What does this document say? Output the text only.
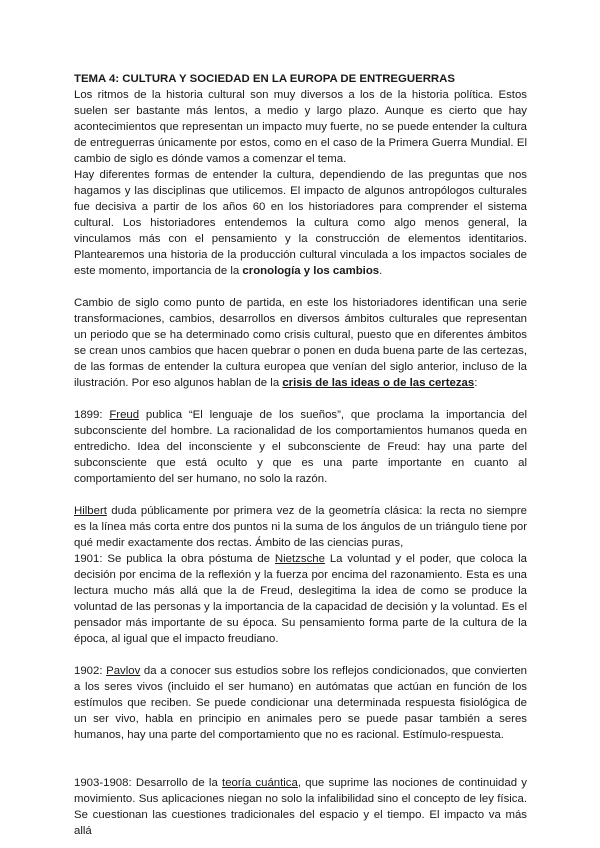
TEMA 4: CULTURA Y SOCIEDAD EN LA EUROPA DE ENTREGUERRAS

Los ritmos de la historia cultural son muy diversos a los de la historia política. Estos suelen ser bastante más lentos, a medio y largo plazo. Aunque es cierto que hay acontecimientos que representan un impacto muy fuerte, no se puede entender la cultura de entreguerras únicamente por estos, como en el caso de la Primera Guerra Mundial. El cambio de siglo es dónde vamos a comenzar el tema.

Hay diferentes formas de entender la cultura, dependiendo de las preguntas que nos hagamos y las disciplinas que utilicemos. El impacto de algunos antropólogos culturales fue decisiva a partir de los años 60 en los historiadores para comprender el sistema cultural. Los historiadores entendemos la cultura como algo menos general, la vinculamos más con el pensamiento y la construcción de elementos identitarios. Plantearemos una historia de la producción cultural vinculada a los impactos sociales de este momento, importancia de la cronología y los cambios.

Cambio de siglo como punto de partida, en este los historiadores identifican una serie transformaciones, cambios, desarrollos en diversos ámbitos culturales que representan un periodo que se ha determinado como crisis cultural, puesto que en diferentes ámbitos se crean unos cambios que hacen quebrar o ponen en duda buena parte de las certezas, de las formas de entender la cultura europea que venían del siglo anterior, incluso de la ilustración. Por eso algunos hablan de la crisis de las ideas o de las certezas:

1899: Freud publica “El lenguaje de los sueños”, que proclama la importancia del subconsciente del hombre. La racionalidad de los comportamientos humanos queda en entredicho. Idea del inconsciente y el subconsciente de Freud: hay una parte del subconsciente que está oculto y que es una parte importante en cuanto al comportamiento del ser humano, no solo la razón.

Hilbert duda públicamente por primera vez de la geometría clásica: la recta no siempre es la línea más corta entre dos puntos ni la suma de los ángulos de un triángulo tiene por qué medir exactamente dos rectas. Ámbito de las ciencias puras,

1901: Se publica la obra póstuma de Nietzsche La voluntad y el poder, que coloca la decisión por encima de la reflexión y la fuerza por encima del razonamiento. Esta es una lectura mucho más allá que la de Freud, deslegitima la idea de como se produce la voluntad de las personas y la importancia de la capacidad de decisión y la voluntad. Es el pensador más importante de su época. Su pensamiento forma parte de la cultura de la época, al igual que el impacto freudiano.

1902: Pavlov da a conocer sus estudios sobre los reflejos condicionados, que convierten a los seres vivos (incluido el ser humano) en autómatas que actúan en función de los estímulos que reciben. Se puede condicionar una determinada respuesta fisiológica de un ser vivo, habla en principio en animales pero se puede pasar también a seres humanos, hay una parte del comportamiento que no es racional. Estímulo-respuesta.

1903-1908: Desarrollo de la teoría cuántica, que suprime las nociones de continuidad y movimiento. Sus aplicaciones niegan no solo la infalibilidad sino el concepto de ley física. Se cuestionan las cuestiones tradicionales del espacio y el tiempo. El impacto va más allá
